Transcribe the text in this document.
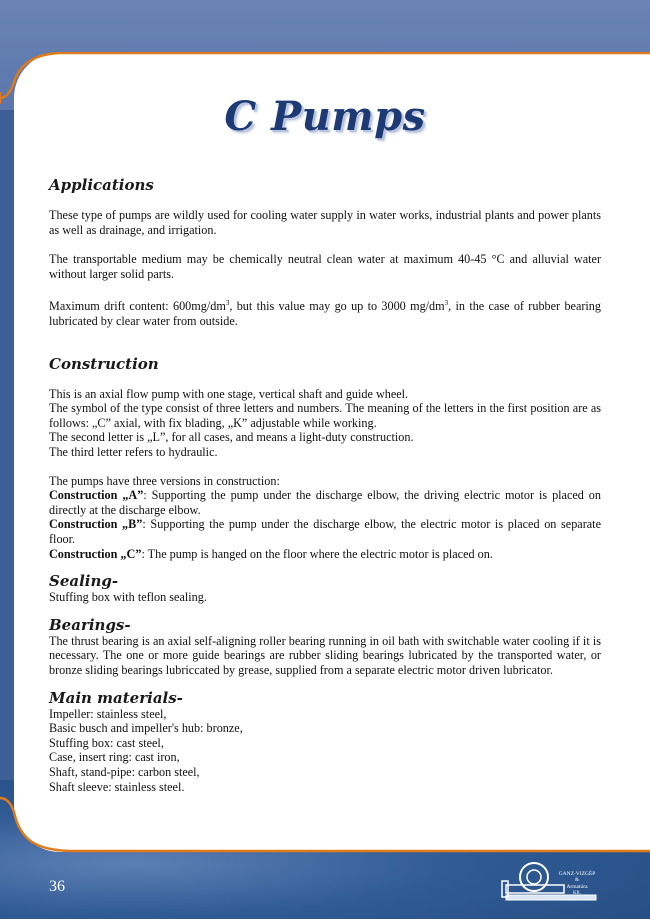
C Pumps
Applications

These type of pumps are wildly used for cooling water supply in water works, industrial plants and power plants as well as drainage, and irrigation.

The transportable medium may be chemically neutral clean water at maximum 40-45 °C and alluvial water without larger solid parts.

Maximum drift content: $600mg/dm^3$, but this value may go up to 3000 $mg/dm^3$, in the case of rubber bearing lubricated by clear water from outside.

Construction

This is an axial flow pump with one stage, vertical shaft and guide wheel.

The symbol of the type consist of three letters and numbers. The meaning of the letters in the first position are as follows: „C” axial, with fix blading, „K” adjustable while working.

The second letter is „L”, for all cases, and means a light-duty construction.

The third letter refers to hydraulic.

The pumps have three versions in construction:

Construction „A”: Supporting the pump under the discharge elbow, the driving electric motor is placed on directly at the discharge elbow.

Construction „B”: Supporting the pump under the discharge elbow, the electric motor is placed on separate floor.

Construction „C”: The pump is hanged on the floor where the electric motor is placed on.

Sealing-

Stuffing box with teflon sealing.

Bearings-

The thrust bearing is an axial self-aligning roller bearing running in oil bath with switchable water cooling if it is necessary. The one or more guide bearings are rubber sliding bearings lubricated by the transported water, or bronze sliding bearings lubriccated by grease, supplied from a separate electric motor driven lubricator.

Main materials-

Impeller: stainless steel,

Basic busch and impeller's hub: bronze,

Stuffing box: cast steel,

Case, insert ring: cast iron,

Shaft, stand-pipe: carbon steel,

Shaft sleeve: stainless steel.

36
GANZ-VIZGÉP
&
Armatúra
Kft.
